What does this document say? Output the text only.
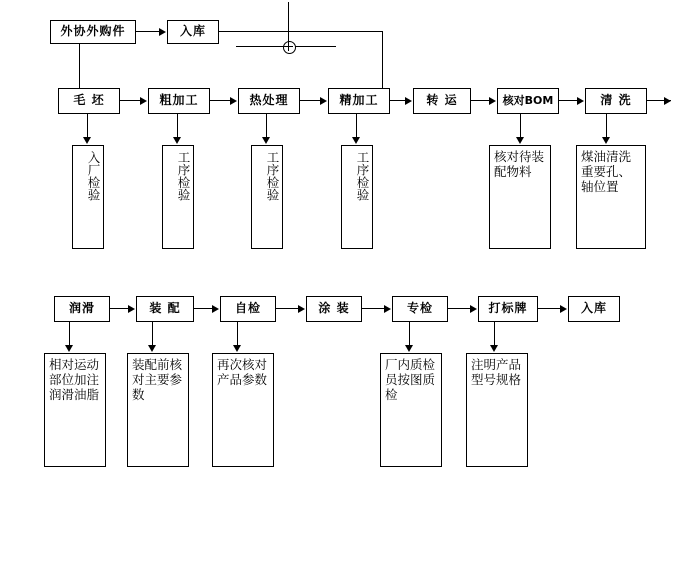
外协外购件	入库
毛 坯	粗加工	热处理	精加工	转 运	核对BOM	清 洗
入厂检验	工序检验	工序检验	工序检验	核对待装配物料
煤油清洗重要孔、轴位置
润滑	装 配	自检	涂 装	专检	打标牌	入库
相对运动部位加注润滑油脂
装配前核对主要参数
再次核对产品参数
厂内质检员按图质检
注明产品型号规格
